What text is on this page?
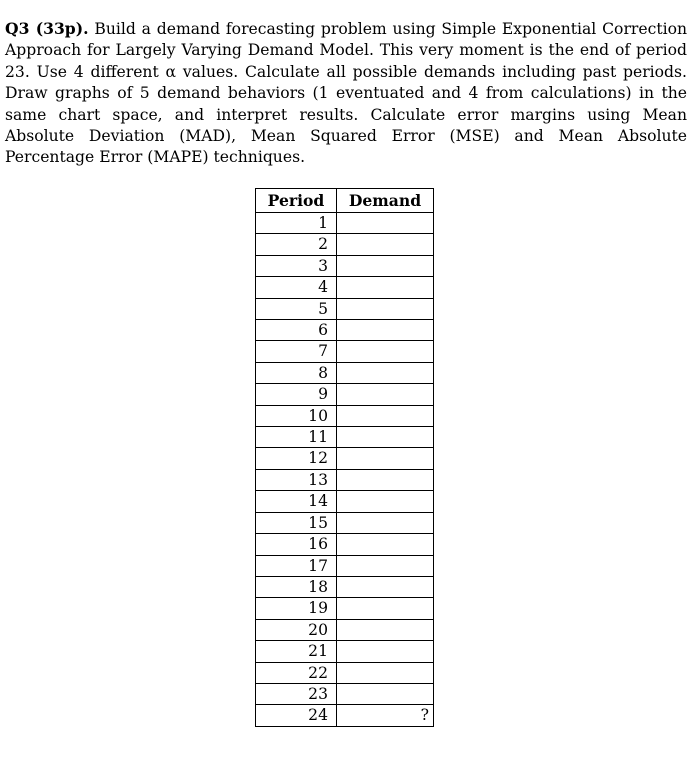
Q3 (33p). Build a demand forecasting problem using Simple Exponential Correction Approach for Largely Varying Demand Model. This very moment is the end of period 23. Use 4 different α values. Calculate all possible demands including past periods. Draw graphs of 5 demand behaviors (1 eventuated and 4 from calculations) in the same chart space, and interpret results. Calculate error margins using Mean Absolute Deviation (MAD), Mean Squared Error (MSE) and Mean Absolute Percentage Error (MAPE) techniques.

Period	Demand
1	
2	
3	
4	
5	
6	
7	
8	
9	
10	
11	
12	
13	
14	
15	
16	
17	
18	
19	
20	
21	
22	
23	
24	?
